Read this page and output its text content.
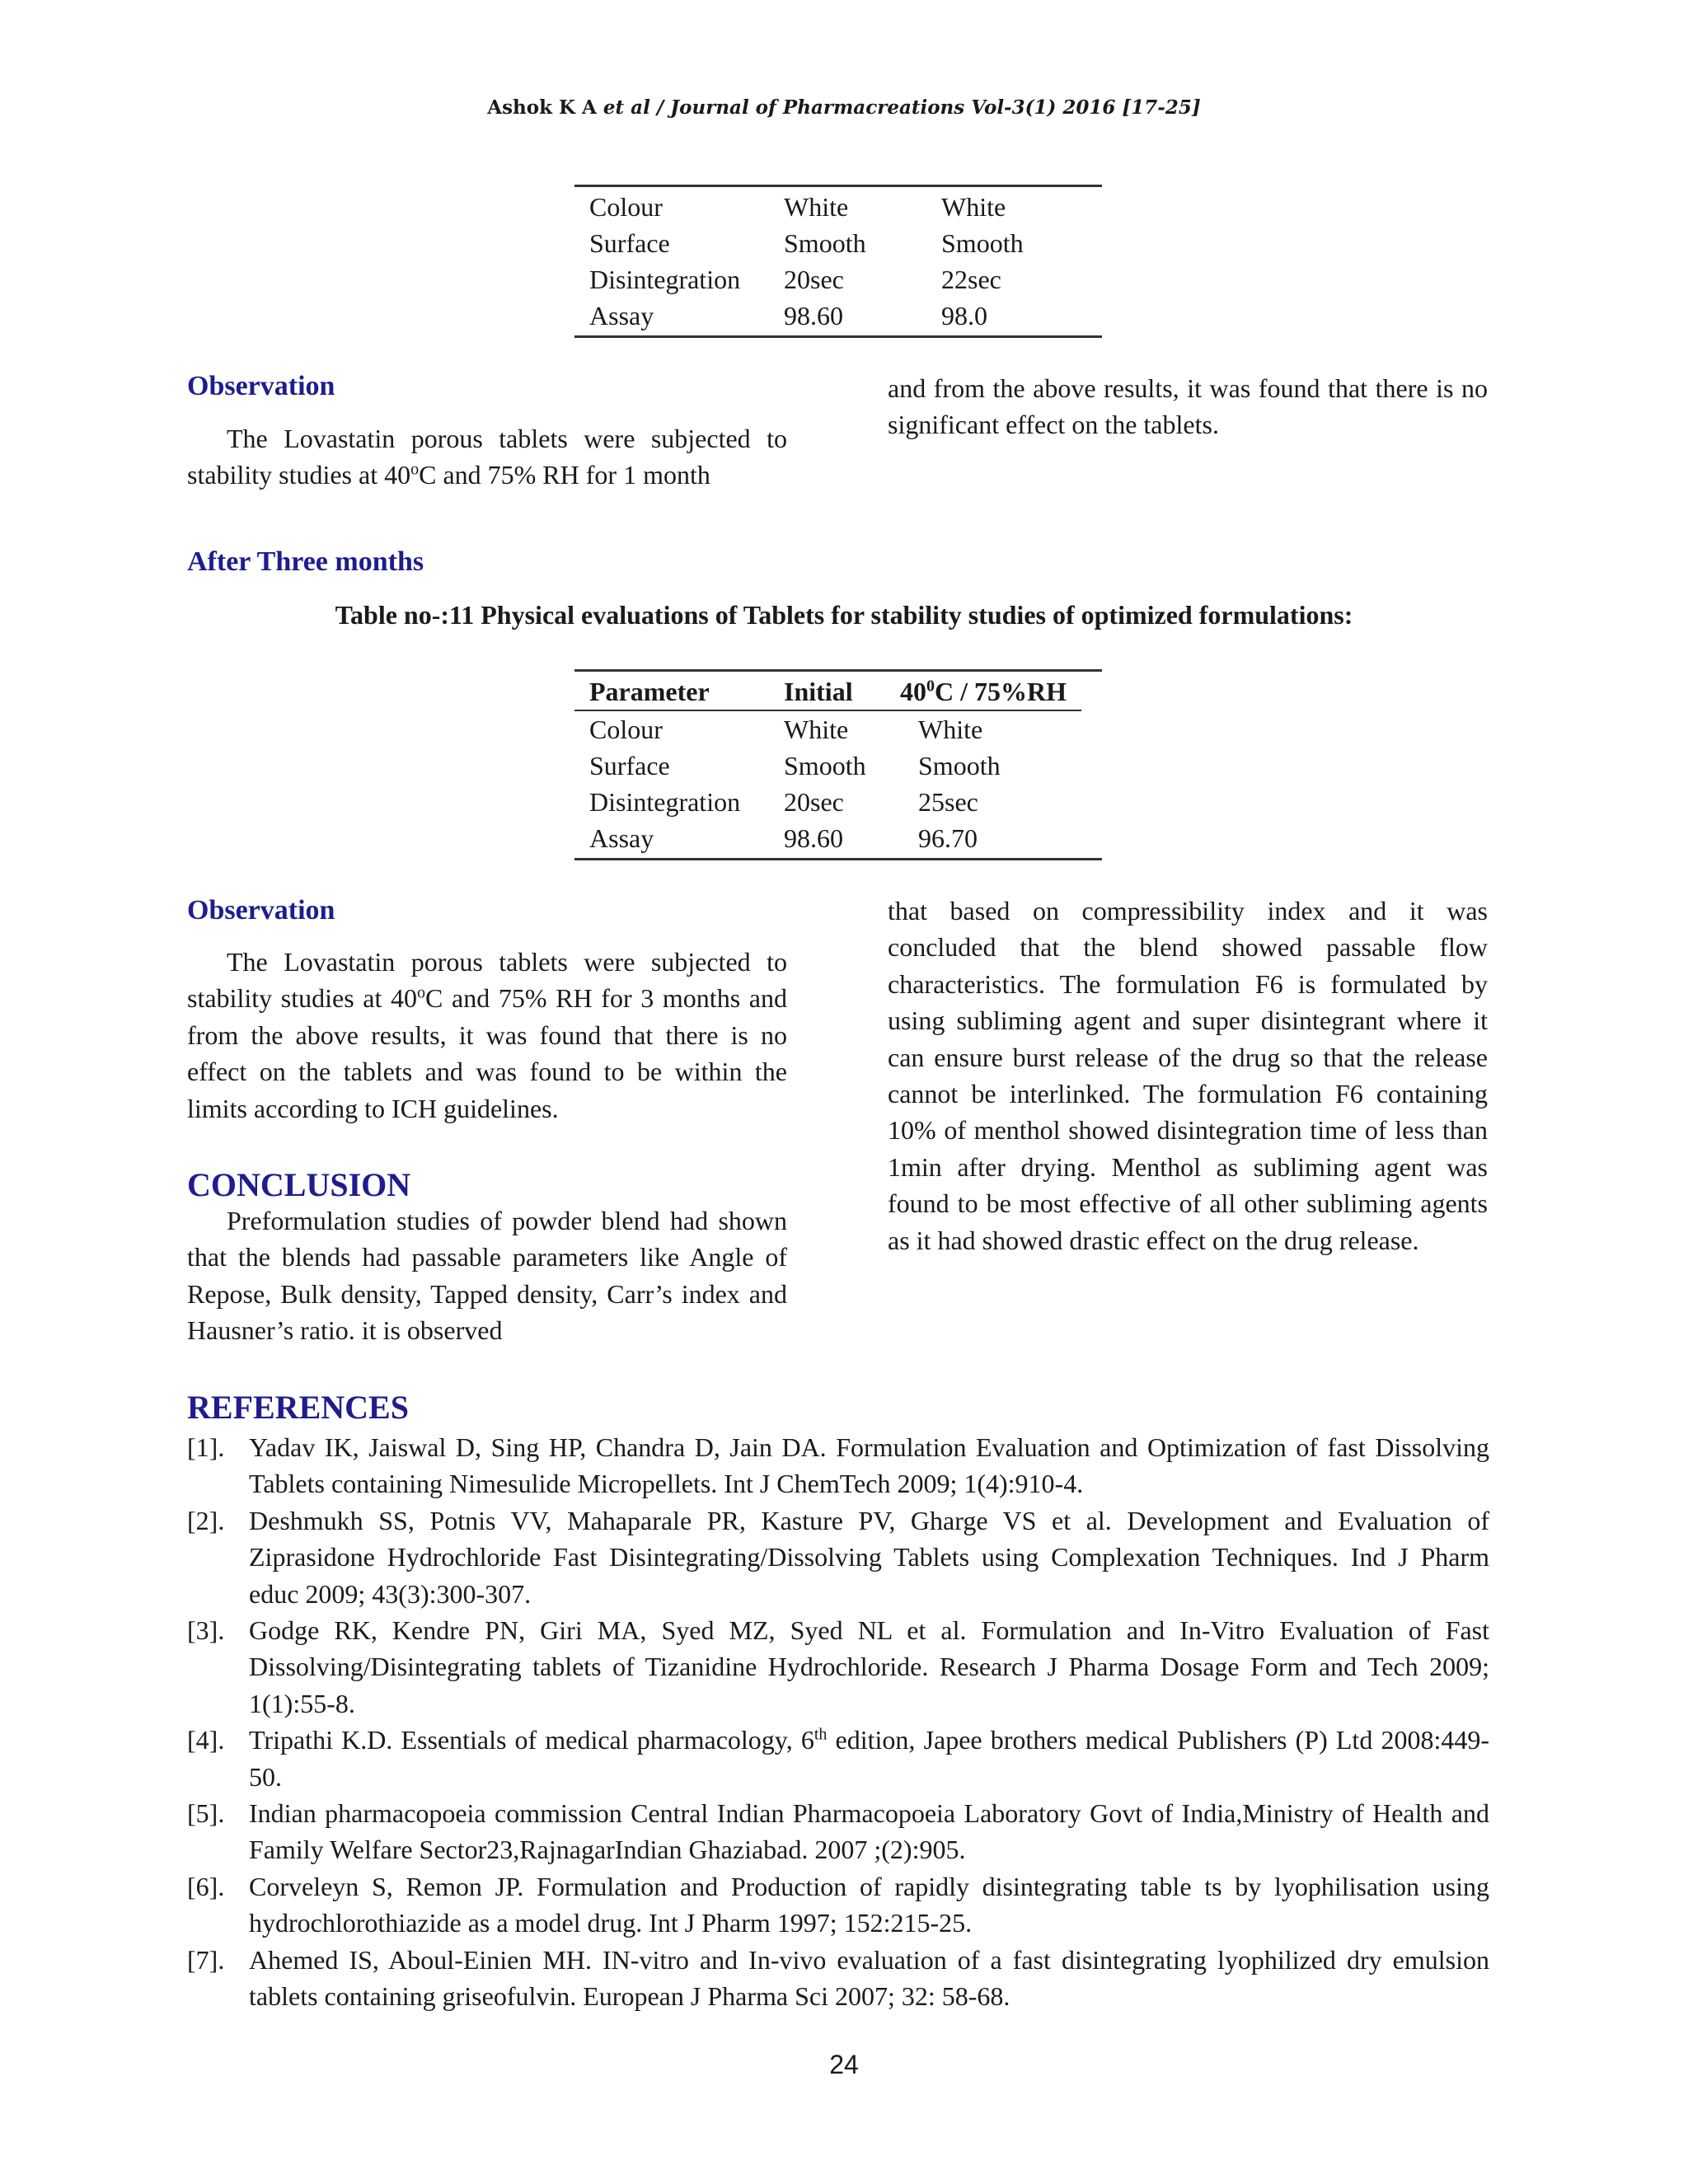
Ashok K A et al / Journal of Pharmacreations Vol-3(1) 2016 [17-25]
Colour	White	White
Surface	Smooth	Smooth
Disintegration	20sec	22sec
Assay	98.60	98.0
Observation

The Lovastatin porous tablets were subjected to stability studies at 40$^o$C and 75% RH for 1 month

and from the above results, it was found that there is no significant effect on the tablets.

After Three months
Table no-:11 Physical evaluations of Tablets for stability studies of optimized formulations:
Parameter	Initial	$40^0C / 75\%RH$
Colour	White	White
Surface	Smooth	Smooth
Disintegration	20sec	25sec
Assay	98.60	96.70
Observation

The Lovastatin porous tablets were subjected to stability studies at 40$^o$C and 75% RH for 3 months and from the above results, it was found that there is no effect on the tablets and was found to be within the limits according to ICH guidelines.

CONCLUSION

Preformulation studies of powder blend had shown that the blends had passable parameters like Angle of Repose, Bulk density, Tapped density, Carr’s index and Hausner’s ratio. it is observed

that based on compressibility index and it was concluded that the blend showed passable flow characteristics. The formulation F6 is formulated by using subliming agent and super disintegrant where it can ensure burst release of the drug so that the release cannot be interlinked. The formulation F6 containing 10% of menthol showed disintegration time of less than 1min after drying. Menthol as subliming agent was found to be most effective of all other subliming agents as it had showed drastic effect on the drug release.

REFERENCES
[1]. Yadav IK, Jaiswal D, Sing HP, Chandra D, Jain DA. Formulation Evaluation and Optimization of fast Dissolving Tablets containing Nimesulide Micropellets. Int J ChemTech 2009; 1(4):910-4.
[2]. Deshmukh SS, Potnis VV, Mahaparale PR, Kasture PV, Gharge VS et al. Development and Evaluation of Ziprasidone Hydrochloride Fast Disintegrating/Dissolving Tablets using Complexation Techniques. Ind J Pharm educ 2009; 43(3):300-307.
[3]. Godge RK, Kendre PN, Giri MA, Syed MZ, Syed NL et al. Formulation and In-Vitro Evaluation of Fast Dissolving/Disintegrating tablets of Tizanidine Hydrochloride. Research J Pharma Dosage Form and Tech 2009; 1(1):55-8.
[4]. Tripathi K.D. Essentials of medical pharmacology, 6th edition, Japee brothers medical Publishers (P) Ltd 2008:449-50.
[5]. Indian pharmacopoeia commission Central Indian Pharmacopoeia Laboratory Govt of India,Ministry of Health and Family Welfare Sector23,RajnagarIndian Ghaziabad. 2007 ;(2):905.
[6]. Corveleyn S, Remon JP. Formulation and Production of rapidly disintegrating table ts by lyophilisation using hydrochlorothiazide as a model drug. Int J Pharm 1997; 152:215-25.
[7]. Ahemed IS, Aboul-Einien MH. IN-vitro and In-vivo evaluation of a fast disintegrating lyophilized dry emulsion tablets containing griseofulvin. European J Pharma Sci 2007; 32: 58-68.
24
